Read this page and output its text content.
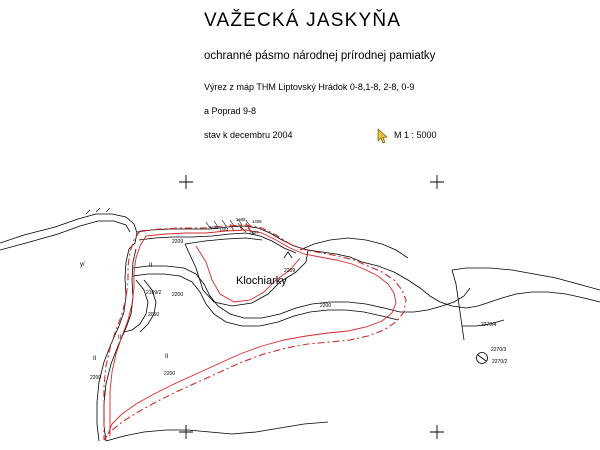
VAŽECKÁ JASKYŇA
ochranné pásmo národnej prírodnej pamiatky
Výrez z máp THM Liptovský Hrádok 0-8,1-8, 2-8, 0-9
a Poprad 9-8
stav k decembru 2004	M 1 : 5000
Klochiarky
2209
2209
2200
2200
2200
2109/2 2200
2050
2270/4
2270/3
2270/2
1408 1409
1407
1405 1404
y/	II
II
II	II
